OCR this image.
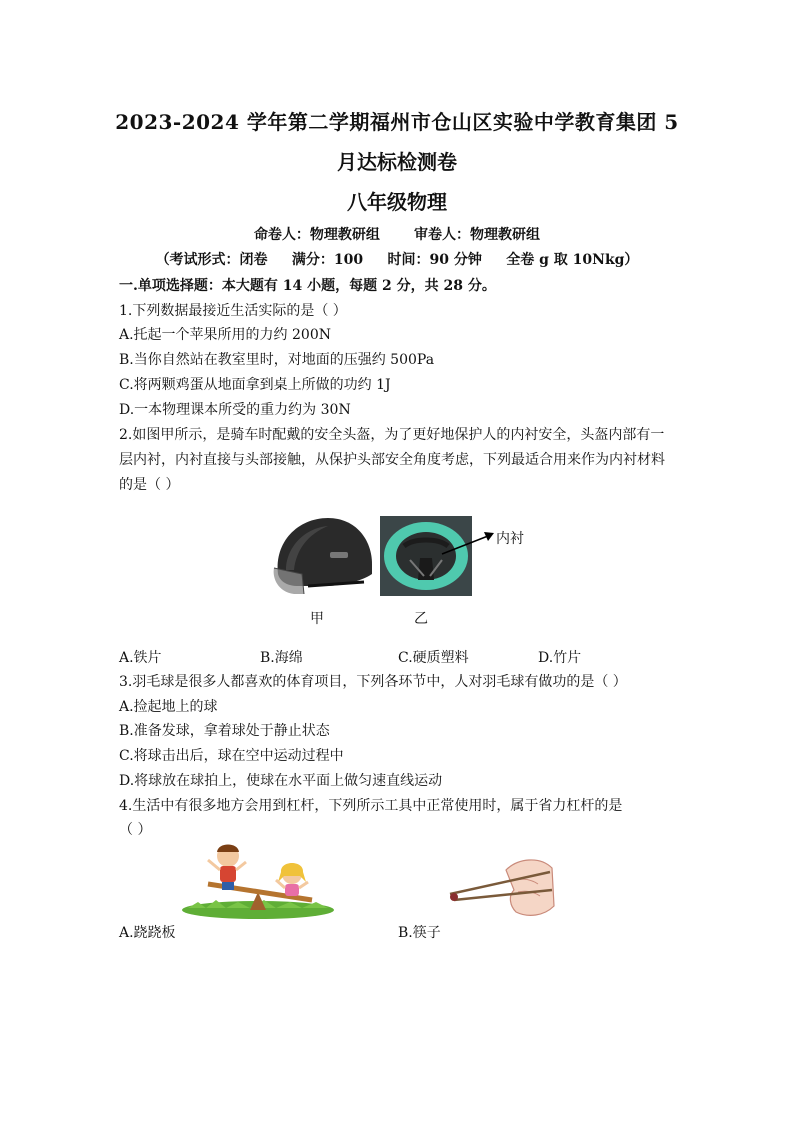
2023-2024 学年第二学期福州市仓山区实验中学教育集团 5
月达标检测卷
八年级物理
命卷人：物理教研组       审卷人：物理教研组
（考试形式：闭卷     满分：100     时间：90 分钟     全卷 g 取 10Nkg）
一.单项选择题：本大题有 14 小题，每题 2 分，共 28 分。
1.下列数据最接近生活实际的是（ ）
A.托起一个苹果所用的力约 200N
B.当你自然站在教室里时，对地面的压强约 500Pa
C.将两颗鸡蛋从地面拿到桌上所做的功约 1J
D.一本物理课本所受的重力约为 30N
2.如图甲所示，是骑车时配戴的安全头盔，为了更好地保护人的内衬安全，头盔内部有一
层内衬，内衬直接与头部接触，从保护头部安全角度考虑，下列最适合用来作为内衬材料
的是（ ）
内衬
甲	乙
A.铁片	B.海绵	C.硬质塑料	D.竹片
3.羽毛球是很多人都喜欢的体育项目，下列各环节中，人对羽毛球有做功的是（ ）
A.捡起地上的球
B.准备发球，拿着球处于静止状态
C.将球击出后，球在空中运动过程中
D.将球放在球拍上，使球在水平面上做匀速直线运动
4.生活中有很多地方会用到杠杆，下列所示工具中正常使用时，属于省力杠杆的是
（ ）
A.跷跷板	B.筷子
